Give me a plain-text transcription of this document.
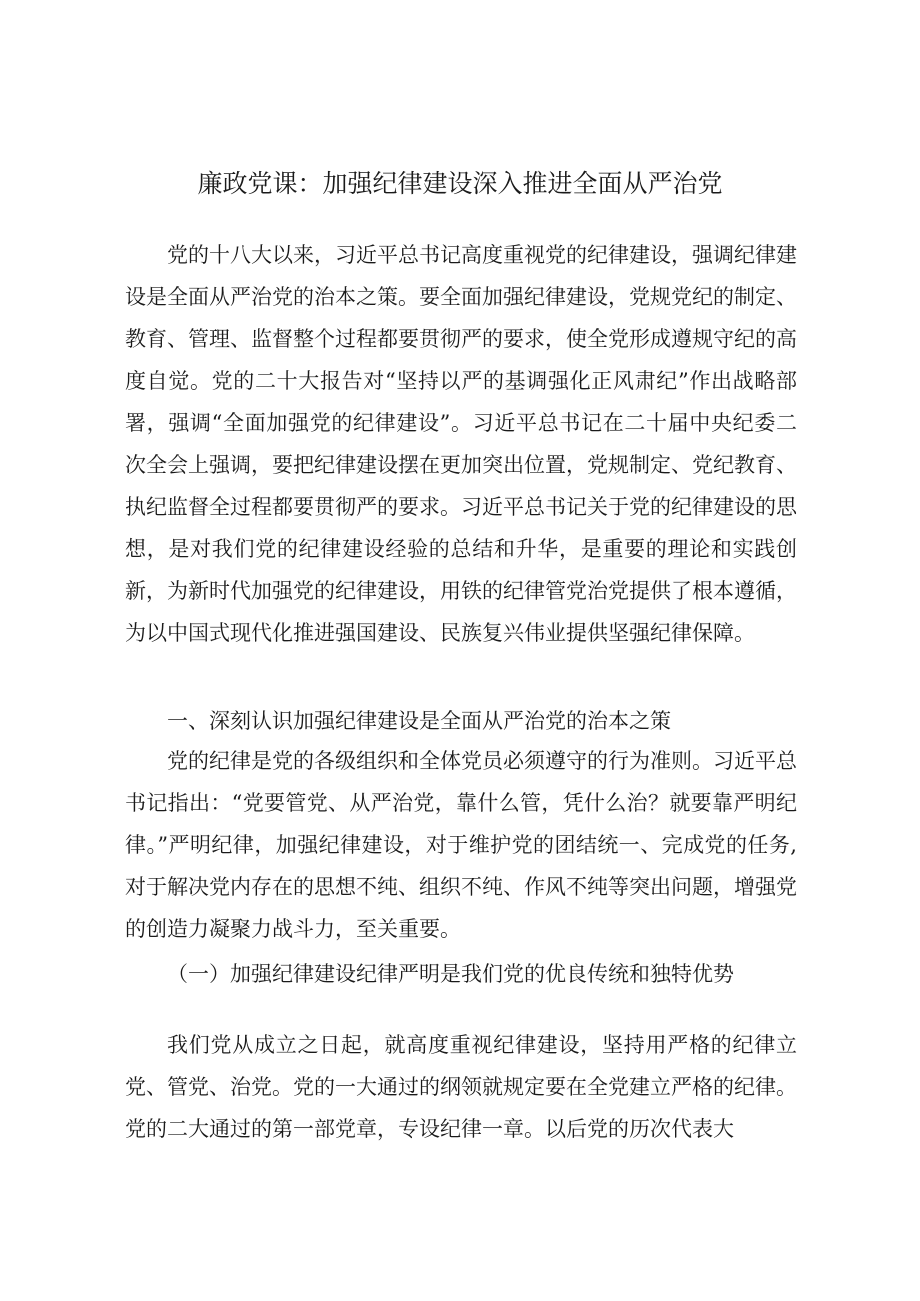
廉政党课：加强纪律建设深入推进全面从严治党

党的十八大以来，习近平总书记高度重视党的纪律建设，强调纪律建设是全面从严治党的治本之策。要全面加强纪律建设，党规党纪的制定、教育、管理、监督整个过程都要贯彻严的要求，使全党形成遵规守纪的高度自觉。党的二十大报告对“坚持以严的基调强化正风肃纪”作出战略部署，强调“全面加强党的纪律建设”。习近平总书记在二十届中央纪委二次全会上强调，要把纪律建设摆在更加突出位置，党规制定、党纪教育、执纪监督全过程都要贯彻严的要求。习近平总书记关于党的纪律建设的思想，是对我们党的纪律建设经验的总结和升华，是重要的理论和实践创新，为新时代加强党的纪律建设，用铁的纪律管党治党提供了根本遵循，为以中国式现代化推进强国建设、民族复兴伟业提供坚强纪律保障。

一、深刻认识加强纪律建设是全面从严治党的治本之策

党的纪律是党的各级组织和全体党员必须遵守的行为准则。习近平总书记指出：“党要管党、从严治党，靠什么管，凭什么治？就要靠严明纪律。”严明纪律，加强纪律建设，对于维护党的团结统一、完成党的任务,对于解决党内存在的思想不纯、组织不纯、作风不纯等突出问题，增强党的创造力凝聚力战斗力，至关重要。

（一）加强纪律建设纪律严明是我们党的优良传统和独特优势

我们党从成立之日起，就高度重视纪律建设，坚持用严格的纪律立党、管党、治党。党的一大通过的纲领就规定要在全党建立严格的纪律。党的二大通过的第一部党章，专设纪律一章。以后党的历次代表大
